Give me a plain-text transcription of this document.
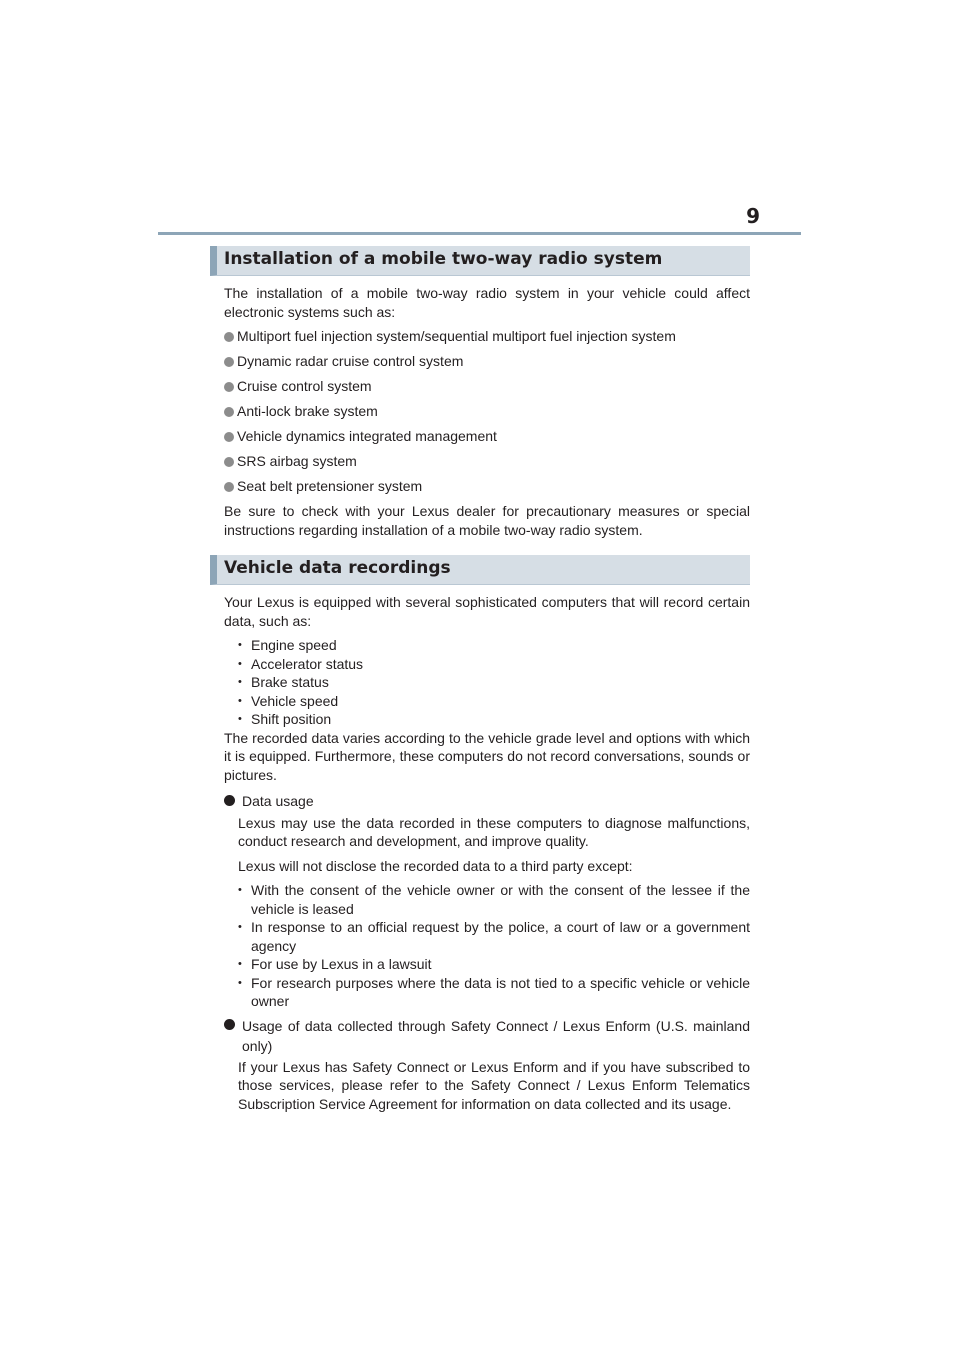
9
Installation of a mobile two-way radio system

The installation of a mobile two-way radio system in your vehicle could affect electronic systems such as:

Multiport fuel injection system/sequential multiport fuel injection system
Dynamic radar cruise control system
Cruise control system
Anti-lock brake system
Vehicle dynamics integrated management
SRS airbag system
Seat belt pretensioner system

Be sure to check with your Lexus dealer for precautionary measures or special instructions regarding installation of a mobile two-way radio system.

Vehicle data recordings

Your Lexus is equipped with several sophisticated computers that will record certain data, such as:

• Engine speed
• Accelerator status
• Brake status
• Vehicle speed
• Shift position

The recorded data varies according to the vehicle grade level and options with which it is equipped. Furthermore, these computers do not record conversations, sounds or pictures.

Data usage

Lexus may use the data recorded in these computers to diagnose malfunctions, conduct research and development, and improve quality.

Lexus will not disclose the recorded data to a third party except:

• With the consent of the vehicle owner or with the consent of the lessee if the vehicle is leased
• In response to an official request by the police, a court of law or a government agency
• For use by Lexus in a lawsuit
• For research purposes where the data is not tied to a specific vehicle or vehicle owner
Usage of data collected through Safety Connect / Lexus Enform (U.S. mainland only)

If your Lexus has Safety Connect or Lexus Enform and if you have subscribed to those services, please refer to the Safety Connect / Lexus Enform Telematics Subscription Service Agreement for information on data collected and its usage.
